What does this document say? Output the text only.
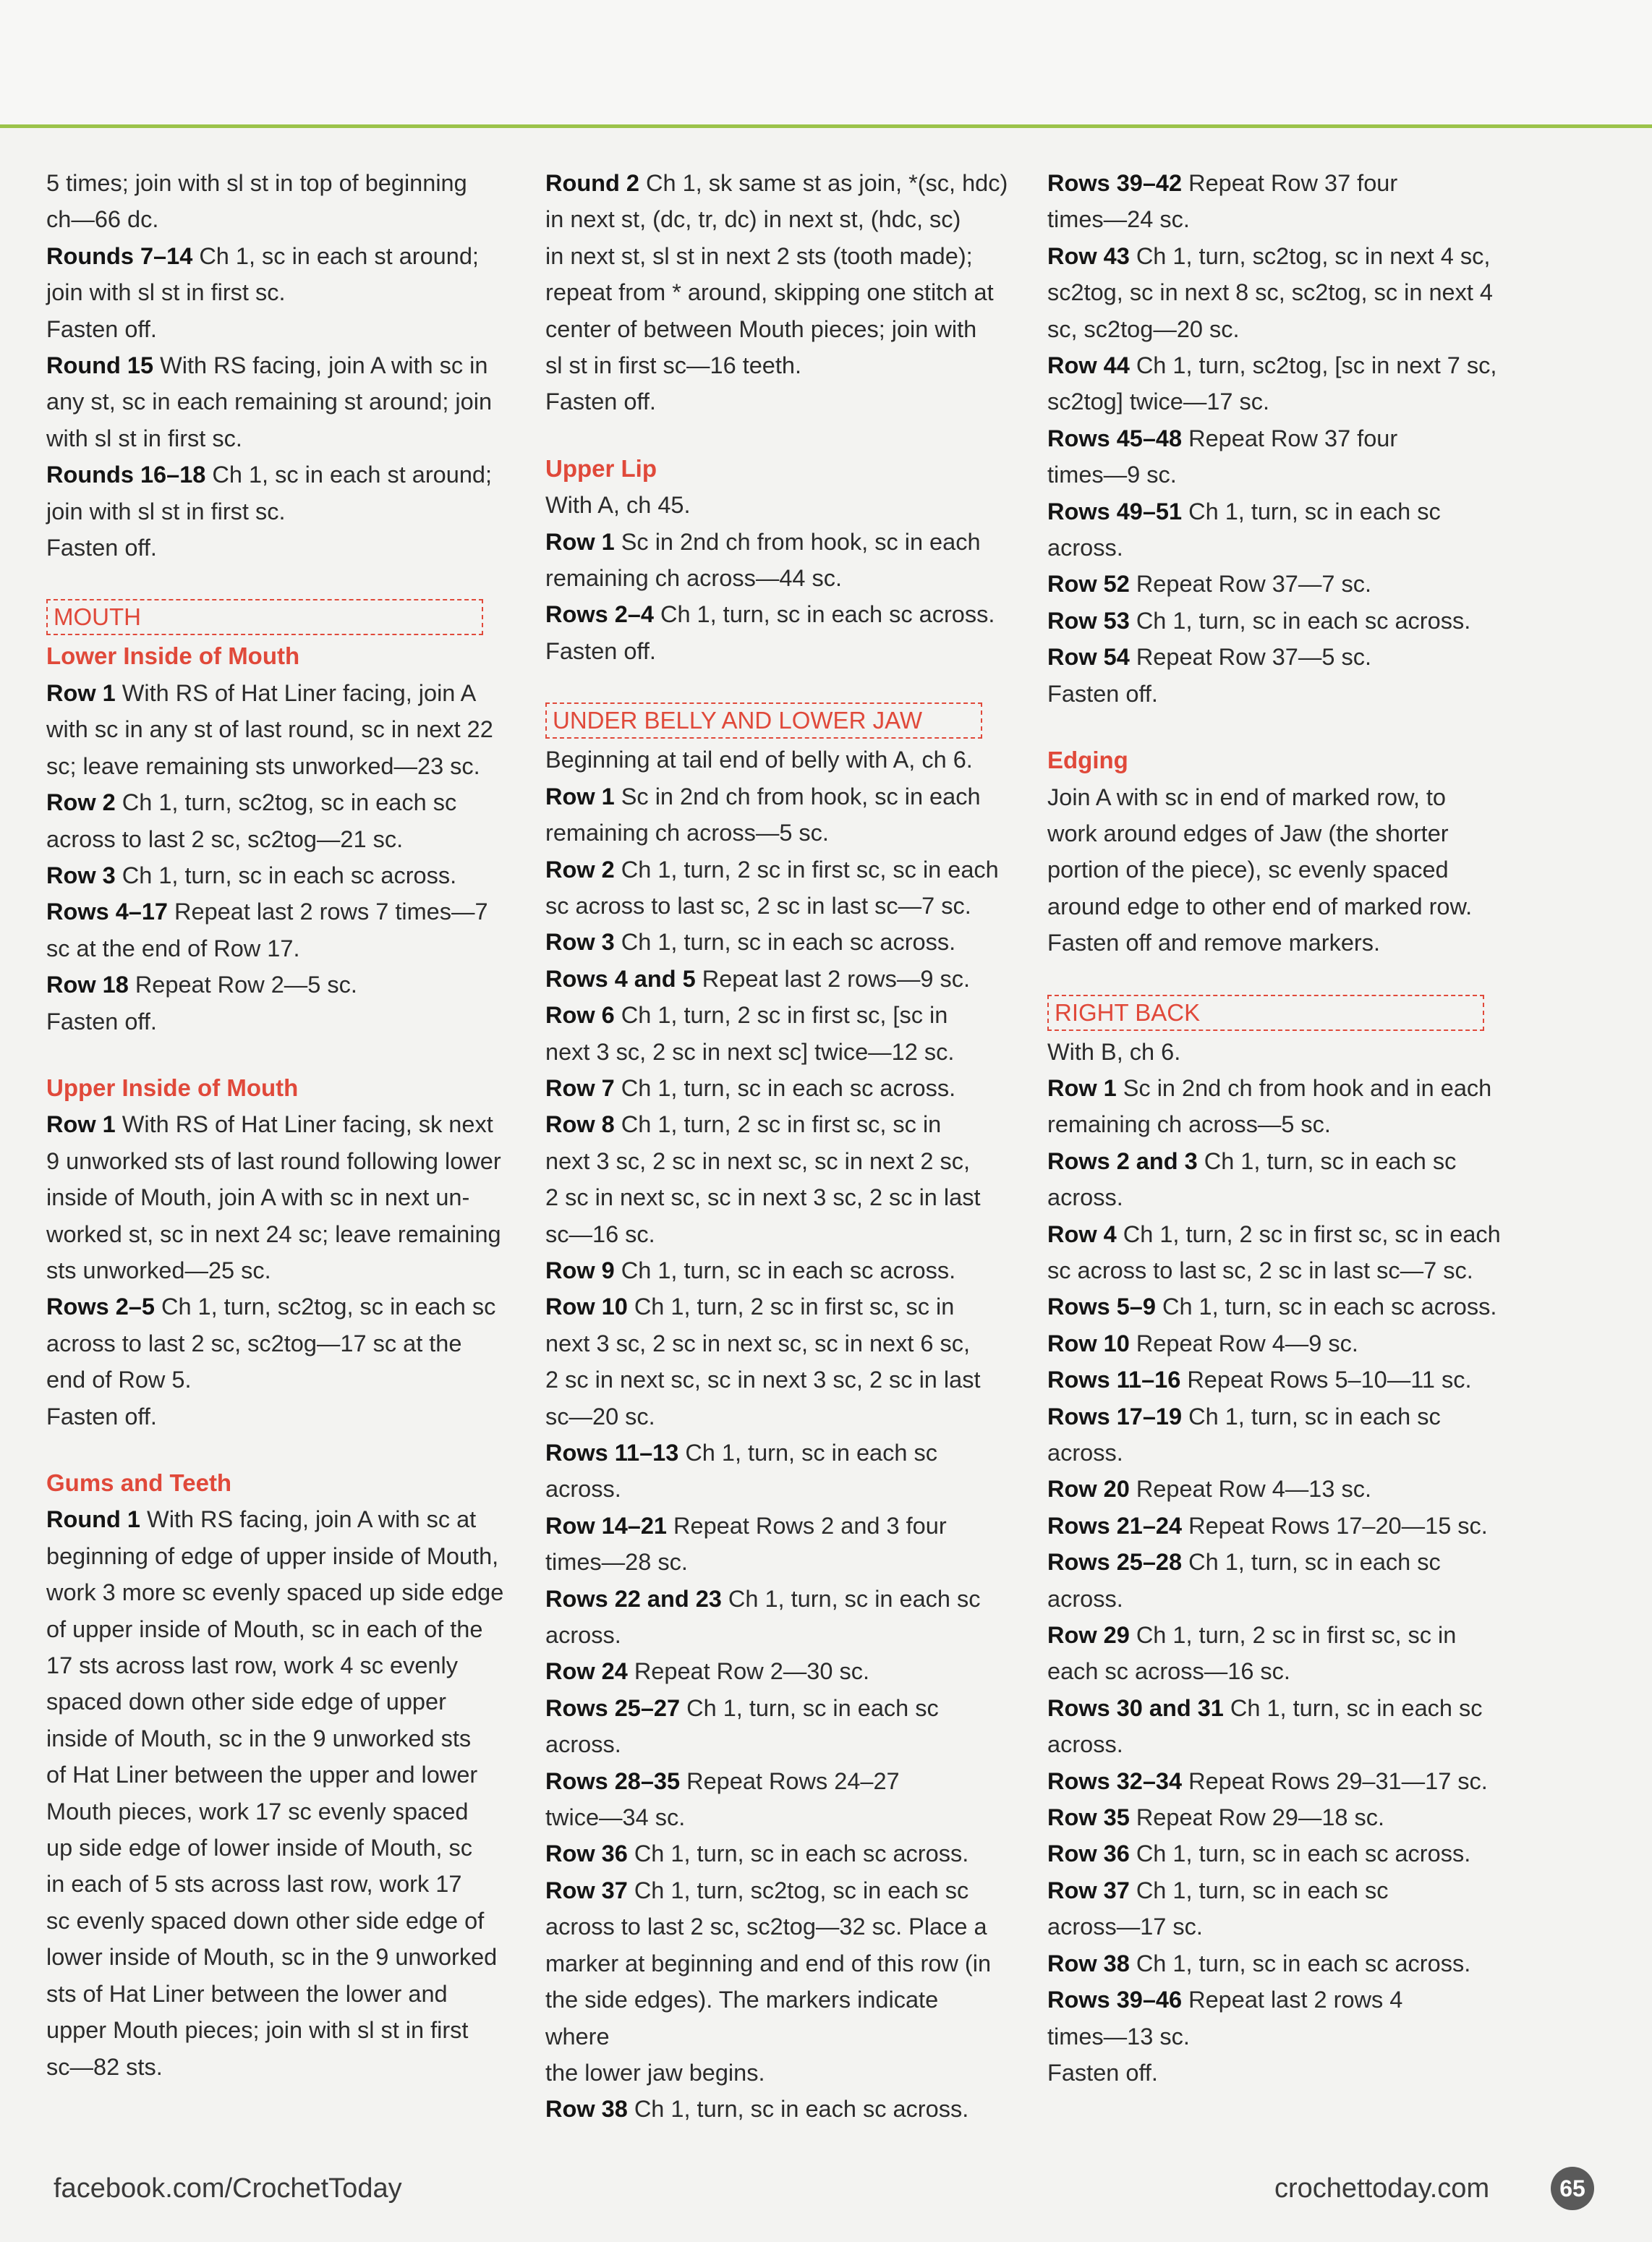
5 times; join with sl st in top of beginning
ch—66 dc.
Rounds 7–14 Ch 1, sc in each st around;
join with sl st in first sc.
Fasten off.
Round 15 With RS facing, join A with sc in
any st, sc in each remaining st around; join
with sl st in first sc.
Rounds 16–18 Ch 1, sc in each st around;
join with sl st in first sc.
Fasten off.
MOUTH
Lower Inside of Mouth
Row 1 With RS of Hat Liner facing, join A
with sc in any st of last round, sc in next 22
sc; leave remaining sts unworked—23 sc.
Row 2 Ch 1, turn, sc2tog, sc in each sc
across to last 2 sc, sc2tog—21 sc.
Row 3 Ch 1, turn, sc in each sc across.
Rows 4–17 Repeat last 2 rows 7 times—7
sc at the end of Row 17.
Row 18 Repeat Row 2—5 sc.
Fasten off.
Upper Inside of Mouth
Row 1 With RS of Hat Liner facing, sk next
9 unworked sts of last round following lower
inside of Mouth, join A with sc in next un-
worked st, sc in next 24 sc; leave remaining
sts unworked—25 sc.
Rows 2–5 Ch 1, turn, sc2tog, sc in each sc
across to last 2 sc, sc2tog—17 sc at the
end of Row 5.
Fasten off.
Gums and Teeth
Round 1 With RS facing, join A with sc at
beginning of edge of upper inside of Mouth,
work 3 more sc evenly spaced up side edge
of upper inside of Mouth, sc in each of the
17 sts across last row, work 4 sc evenly
spaced down other side edge of upper
inside of Mouth, sc in the 9 unworked sts
of Hat Liner between the upper and lower
Mouth pieces, work 17 sc evenly spaced
up side edge of lower inside of Mouth, sc
in each of 5 sts across last row, work 17
sc evenly spaced down other side edge of
lower inside of Mouth, sc in the 9 unworked
sts of Hat Liner between the lower and
upper Mouth pieces; join with sl st in first
sc—82 sts.
Round 2 Ch 1, sk same st as join, *(sc, hdc)
in next st, (dc, tr, dc) in next st, (hdc, sc)
in next st, sl st in next 2 sts (tooth made);
repeat from * around, skipping one stitch at
center of between Mouth pieces; join with
sl st in first sc—16 teeth.
Fasten off.
Upper Lip
With A, ch 45.
Row 1 Sc in 2nd ch from hook, sc in each
remaining ch across—44 sc.
Rows 2–4 Ch 1, turn, sc in each sc across.
Fasten off.
UNDER BELLY AND LOWER JAW
Beginning at tail end of belly with A, ch 6.
Row 1 Sc in 2nd ch from hook, sc in each
remaining ch across—5 sc.
Row 2 Ch 1, turn, 2 sc in first sc, sc in each
sc across to last sc, 2 sc in last sc—7 sc.
Row 3 Ch 1, turn, sc in each sc across.
Rows 4 and 5 Repeat last 2 rows—9 sc.
Row 6 Ch 1, turn, 2 sc in first sc, [sc in
next 3 sc, 2 sc in next sc] twice—12 sc.
Row 7 Ch 1, turn, sc in each sc across.
Row 8 Ch 1, turn, 2 sc in first sc, sc in
next 3 sc, 2 sc in next sc, sc in next 2 sc,
2 sc in next sc, sc in next 3 sc, 2 sc in last
sc—16 sc.
Row 9 Ch 1, turn, sc in each sc across.
Row 10 Ch 1, turn, 2 sc in first sc, sc in
next 3 sc, 2 sc in next sc, sc in next 6 sc,
2 sc in next sc, sc in next 3 sc, 2 sc in last
sc—20 sc.
Rows 11–13 Ch 1, turn, sc in each sc
across.
Row 14–21 Repeat Rows 2 and 3 four
times—28 sc.
Rows 22 and 23 Ch 1, turn, sc in each sc
across.
Row 24 Repeat Row 2—30 sc.
Rows 25–27 Ch 1, turn, sc in each sc
across.
Rows 28–35 Repeat Rows 24–27
twice—34 sc.
Row 36 Ch 1, turn, sc in each sc across.
Row 37 Ch 1, turn, sc2tog, sc in each sc
across to last 2 sc, sc2tog—32 sc. Place a
marker at beginning and end of this row (in
the side edges). The markers indicate where
the lower jaw begins.
Row 38 Ch 1, turn, sc in each sc across.
Rows 39–42 Repeat Row 37 four
times—24 sc.
Row 43 Ch 1, turn, sc2tog, sc in next 4 sc,
sc2tog, sc in next 8 sc, sc2tog, sc in next 4
sc, sc2tog—20 sc.
Row 44 Ch 1, turn, sc2tog, [sc in next 7 sc,
sc2tog] twice—17 sc.
Rows 45–48 Repeat Row 37 four
times—9 sc.
Rows 49–51 Ch 1, turn, sc in each sc
across.
Row 52 Repeat Row 37—7 sc.
Row 53 Ch 1, turn, sc in each sc across.
Row 54 Repeat Row 37—5 sc.
Fasten off.
Edging
Join A with sc in end of marked row, to
work around edges of Jaw (the shorter
portion of the piece), sc evenly spaced
around edge to other end of marked row.
Fasten off and remove markers.
RIGHT BACK
With B, ch 6.
Row 1 Sc in 2nd ch from hook and in each
remaining ch across—5 sc.
Rows 2 and 3 Ch 1, turn, sc in each sc
across.
Row 4 Ch 1, turn, 2 sc in first sc, sc in each
sc across to last sc, 2 sc in last sc—7 sc.
Rows 5–9 Ch 1, turn, sc in each sc across.
Row 10 Repeat Row 4—9 sc.
Rows 11–16 Repeat Rows 5–10—11 sc.
Rows 17–19 Ch 1, turn, sc in each sc
across.
Row 20 Repeat Row 4—13 sc.
Rows 21–24 Repeat Rows 17–20—15 sc.
Rows 25–28 Ch 1, turn, sc in each sc
across.
Row 29 Ch 1, turn, 2 sc in first sc, sc in
each sc across—16 sc.
Rows 30 and 31 Ch 1, turn, sc in each sc
across.
Rows 32–34 Repeat Rows 29–31—17 sc.
Row 35 Repeat Row 29—18 sc.
Row 36 Ch 1, turn, sc in each sc across.
Row 37 Ch 1, turn, sc in each sc
across—17 sc.
Row 38 Ch 1, turn, sc in each sc across.
Rows 39–46 Repeat last 2 rows 4
times—13 sc.
Fasten off.
facebook.com/CrochetToday	crochettoday.com	65
